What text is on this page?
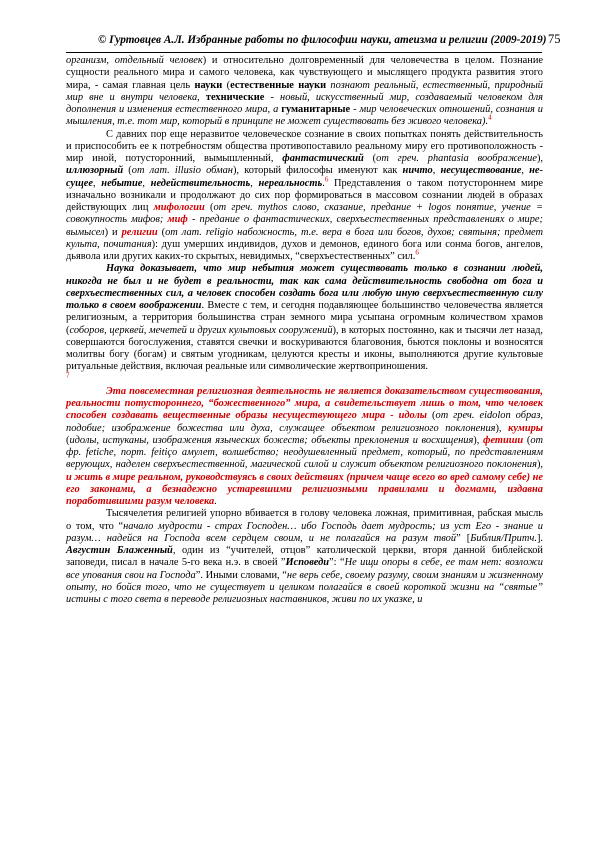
© Гуртовцев А.Л. Избранные работы по философии науки, атеизма и религии (2009-2019) 75

организм, отдельный человек) и относительно долговременный для человечества в целом. Познание сущности реального мира и самого человека, как чувствующего и мыслящего продукта развития этого мира, - самая главная цель науки (естественные науки познают реальный, естественный, природный мир вне и внутри человека, технические - новый, искусственный мир, создаваемый человеком для дополнения и изменения естественного мира, а гуманитарные - мир человеческих отношений, сознания и мышления, т.е. тот мир, который в принципе не может существовать без живого человека).$^4$

С давних пор еще неразвитое человеческое сознание в своих попытках понять действительность и приспособить ее к потребностям общества противопоставило реальному миру его противоположность - мир иной, потусторонний, вымышленный, фантастический (от греч. phantasia воображение), иллюзорный (от лат. illusio обман), который философы именуют как ничто, несуществование, не-сущее, небытие, недействительность, нереальность.$^6$ Представления о таком потустороннем мире изначально возникали и продолжают до сих пор формироваться в массовом сознании людей в образах действующих лиц мифологии (от греч. mythos слово, сказание, предание + logos понятие, учение = совокупность мифов; миф - предание о фантастических, сверхъестественных представлениях о мире; вымысел) и религии (от лат. religio набожность, т.е. вера в бога или богов, духов; святыня; предмет культа, почитания): душ умерших индивидов, духов и демонов, единого бога или сонма богов, ангелов, дьявола или других каких-то скрытых, невидимых, “сверхъестественных” сил.$^6$

Наука доказывает, что мир небытия может существовать только в сознании людей, никогда не был и не будет в реальности, так как сама действительность свободна от бога и сверхъестественных сил, а человек способен создать бога или любую иную сверхъестественную силу только в своем воображении. Вместе с тем, и сегодня подавляющее большинство человечества является религиозным, а территория большинства стран земного мира усыпана огромным количеством храмов (соборов, церквей, мечетей и других культовых сооружений), в которых постоянно, как и тысячи лет назад, совершаются богослужения, ставятся свечки и воскуриваются благовония, бьются поклоны и возносятся молитвы богу (богам) и святым угодникам, целуются кресты и иконы, выполняются другие культовые ритуальные действия, включая реальные или символические жертвоприношения.
$^7$

Эта повсеместная религиозная деятельность не является доказательством существования, реальности потустороннего, “божественного” мира, а свидетельствует лишь о том, что человек способен создавать вещественные образы несуществующего мира - идолы (от греч. eidolon образ, подобие; изображение божества или духа, служащее объектом религиозного поклонения), кумиры (идолы, истуканы, изображения языческих божеств; объекты преклонения и восхищения), фетиши (от фр. fetiche, порт. feitiço амулет, волшебство; неодушевленный предмет, который, по представлениям верующих, наделен сверхъестественной, магической силой и служит объектом религиозного поклонения), и жить в мире реальном, руководствуясь в своих действиях (причем чаще всего во вред самому себе) не его законами, а безнадежно устаревшими религиозными правилами и догмами, издавна поработившими разум человека.

Тысячелетия религией упорно вбивается в голову человека ложная, примитивная, рабская мысль о том, что “начало мудрости - страх Господен… ибо Господь дает мудрость; из уст Его - знание и разум… надейся на Господа всем сердцем своим, и не полагайся на разум твой” [Библия/Притч.]. Августин Блаженный, один из “учителей, отцов” католической церкви, вторя данной библейской заповеди, писал в начале 5-го века н.э. в своей ”Исповеди”: “Не ищи опоры в себе, ее там нет: возложи все упования свои на Господа”. Иными словами, “не верь себе, своему разуму, своим знаниям и жизненному опыту, но бойся того, что не существует и целиком полагайся в своей короткой жизни на “святые” истины с того света в переводе религиозных наставников, живи по их указке, и
